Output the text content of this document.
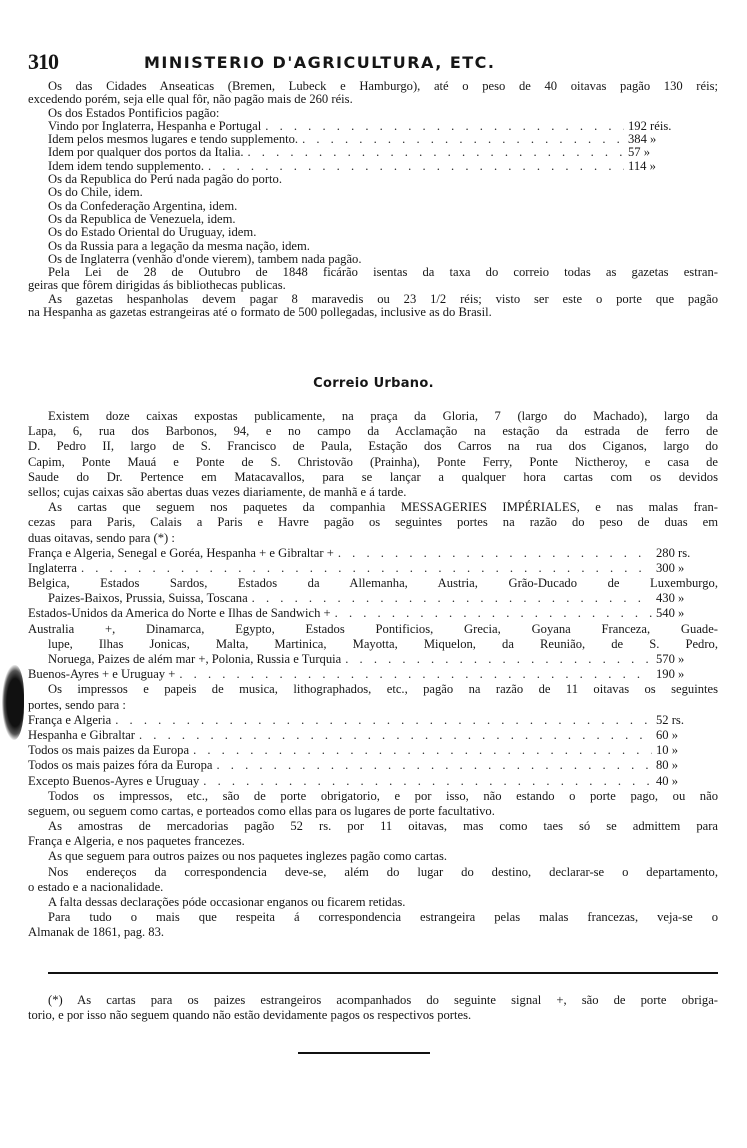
310	MINISTERIO D'AGRICULTURA, ETC.
Os das Cidades Anseaticas (Bremen, Lubeck e Hamburgo), até o peso de 40 oitavas pagão 130 réis;
excedendo porém, seja elle qual fôr, não pagão mais de 260 réis.
Os dos Estados Pontificios pagão:
Vindo por Inglaterra, Hespanha e Portugal . . .	192 réis.
Idem pelos mesmos lugares e tendo supplemento. . . .	384 »
Idem por qualquer dos portos da Italia. . . .	57 »
Idem idem tendo supplemento. . . .	114 »
Os da Republica do Perú nada pagão do porto.
Os do Chile, idem.
Os da Confederação Argentina, idem.
Os da Republica de Venezuela, idem.
Os do Estado Oriental do Uruguay, idem.
Os da Russia para a legação da mesma nação, idem.
Os de Inglaterra (venhão d'onde vierem), tambem nada pagão.
Pela Lei de 28 de Outubro de 1848 ficárão isentas da taxa do correio todas as gazetas estran-
geiras que fôrem dirigidas ás bibliothecas publicas.
As gazetas hespanholas devem pagar 8 maravedis ou 23 1/2 réis; visto ser este o porte que pagão
na Hespanha as gazetas estrangeiras até o formato de 500 pollegadas, inclusive as do Brasil.
Correio Urbano.
Existem doze caixas expostas publicamente, na praça da Gloria, 7 (largo do Machado), largo da
Lapa, 6, rua dos Barbonos, 94, e no campo da Acclamação na estação da estrada de ferro de
D. Pedro II, largo de S. Francisco de Paula, Estação dos Carros na rua dos Ciganos, largo do
Capim, Ponte Mauá e Ponte de S. Christovão (Prainha), Ponte Ferry, Ponte Nictheroy, e casa de
Saude do Dr. Pertence em Matacavallos, para se lançar a qualquer hora cartas com os devidos
sellos; cujas caixas são abertas duas vezes diariamente, de manhã e á tarde.
As cartas que seguem nos paquetes da companhia MESSAGERIES IMPÉRIALES, e nas malas fran-
cezas para Paris, Calais a Paris e Havre pagão os seguintes portes na razão do peso de duas em
duas oitavas, sendo para (*) :
França e Algeria, Senegal e Goréa, Hespanha + e Gibraltar + . . .	280 rs.
Inglaterra . . .	300 »
Belgica, Estados Sardos, Estados da Allemanha, Austria, Grão-Ducado de Luxemburgo,
Paizes-Baixos, Prussia, Suissa, Toscana . . .	430 »
Estados-Unidos da America do Norte e Ilhas de Sandwich + . . .	540 »
Australia +, Dinamarca, Egypto, Estados Pontificios, Grecia, Goyana Franceza, Guade-
lupe, Ilhas Jonicas, Malta, Martinica, Mayotta, Miquelon, da Reunião, de S. Pedro,
Noruega, Paizes de além mar +, Polonia, Russia e Turquia . . .	570 »
Buenos-Ayres + e Uruguay + . . .	190 »
Os impressos e papeis de musica, lithographados, etc., pagão na razão de 11 oitavas os seguintes
portes, sendo para :
França e Algeria . . .	52 rs.
Hespanha e Gibraltar . . .	60 »
Todos os mais paizes da Europa . . .	10 »
Todos os mais paizes fóra da Europa . . .	80 »
Excepto Buenos-Ayres e Uruguay . . .	40 »
Todos os impressos, etc., são de porte obrigatorio, e por isso, não estando o porte pago, ou não
seguem, ou seguem como cartas, e porteados como ellas para os lugares de porte facultativo.
As amostras de mercadorias pagão 52 rs. por 11 oitavas, mas como taes só se admittem para
França e Algeria, e nos paquetes francezes.
As que seguem para outros paizes ou nos paquetes inglezes pagão como cartas.
Nos endereços da correspondencia deve-se, além do lugar do destino, declarar-se o departamento,
o estado e a nacionalidade.
A falta dessas declarações póde occasionar enganos ou ficarem retidas.
Para tudo o mais que respeita á correspondencia estrangeira pelas malas francezas, veja-se o
Almanak de 1861, pag. 83.
(*) As cartas para os paizes estrangeiros acompanhados do seguinte signal +, são de porte obriga-
torio, e por isso não seguem quando não estão devidamente pagos os respectivos portes.
